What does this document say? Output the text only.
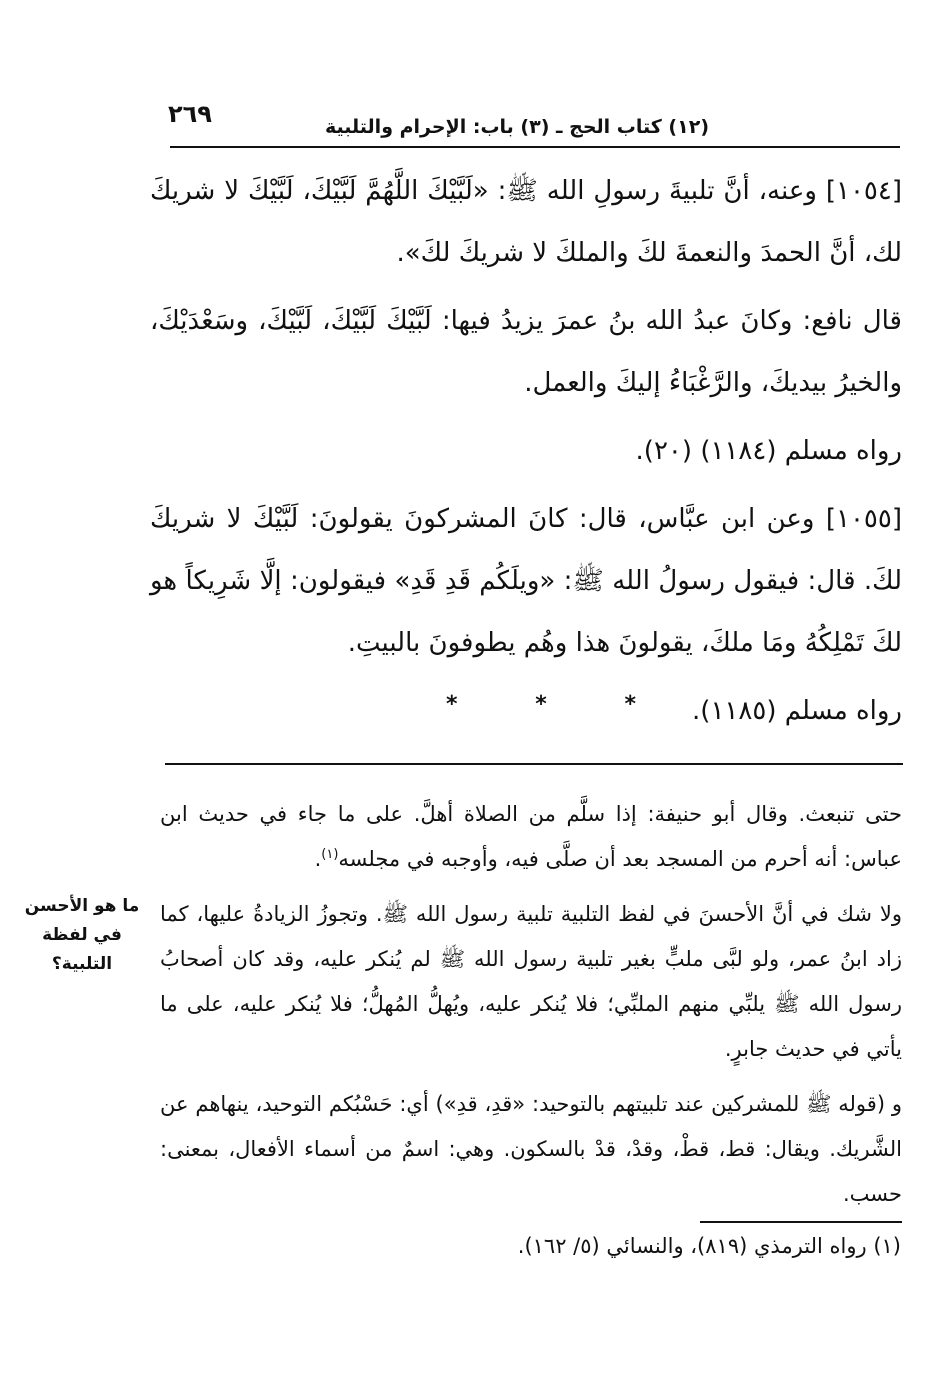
٢٦٩	(١٢) كتاب الحج ـ (٣) باب: الإحرام والتلبية

[١٠٥٤] وعنه، أنَّ تلبيةَ رسولِ الله ﷺ: «لَبَّيْكَ اللَّهُمَّ لَبَّيْكَ، لَبَّيْكَ لا شريكَ لك، أنَّ الحمدَ والنعمةَ لكَ والملكَ لا شريكَ لكَ».

قال نافع: وكانَ عبدُ الله بنُ عمرَ يزيدُ فيها: لَبَّيْكَ لَبَّيْكَ، لَبَّيْكَ، وسَعْدَيْكَ، والخيرُ بيديكَ، والرَّغْبَاءُ إليكَ والعمل.

رواه مسلم (١١٨٤) (٢٠).

[١٠٥٥] وعن ابن عبَّاس، قال: كانَ المشركونَ يقولونَ: لَبَّيْكَ لا شريكَ لكَ. قال: فيقول رسولُ الله ﷺ: «ويلَكُم قَدِ قَدِ» فيقولون: إلَّا شَرِيكاً هو لكَ تَمْلِكُهُ ومَا ملكَ، يقولونَ هذا وهُم يطوفونَ بالبيتِ.

رواه مسلم (١١٨٥).

*	*	*

حتى تنبعث. وقال أبو حنيفة: إذا سلَّم من الصلاة أهلَّ. على ما جاء في حديث ابن عباس: أنه أحرم من المسجد بعد أن صلَّى فيه، وأوجبه في مجلسه$^{(١)}$.

ولا شك في أنَّ الأحسنَ في لفظ التلبية تلبية رسول الله ﷺ. وتجوزُ الزيادةُ عليها، كما زاد ابنُ عمر، ولو لبَّى ملبٍّ بغير تلبية رسول الله ﷺ لم يُنكر عليه، وقد كان أصحابُ رسول الله ﷺ يلبِّي منهم الملبِّي؛ فلا يُنكر عليه، ويُهلُّ المُهلُّ؛ فلا يُنكر عليه، على ما يأتي في حديث جابرٍ.

و (قوله ﷺ للمشركين عند تلبيتهم بالتوحيد: «قدِ، قدِ») أي: حَسْبُكم التوحيد، ينهاهم عن الشَّريك. ويقال: قط، قطْ، وقدْ، قدْ بالسكون. وهي: اسمٌ من أسماء الأفعال، بمعنى: حسب.

ما هو الأحسن في لفظة التلبية؟
(١) رواه الترمذي (٨١٩)، والنسائي (٥/ ١٦٢).
